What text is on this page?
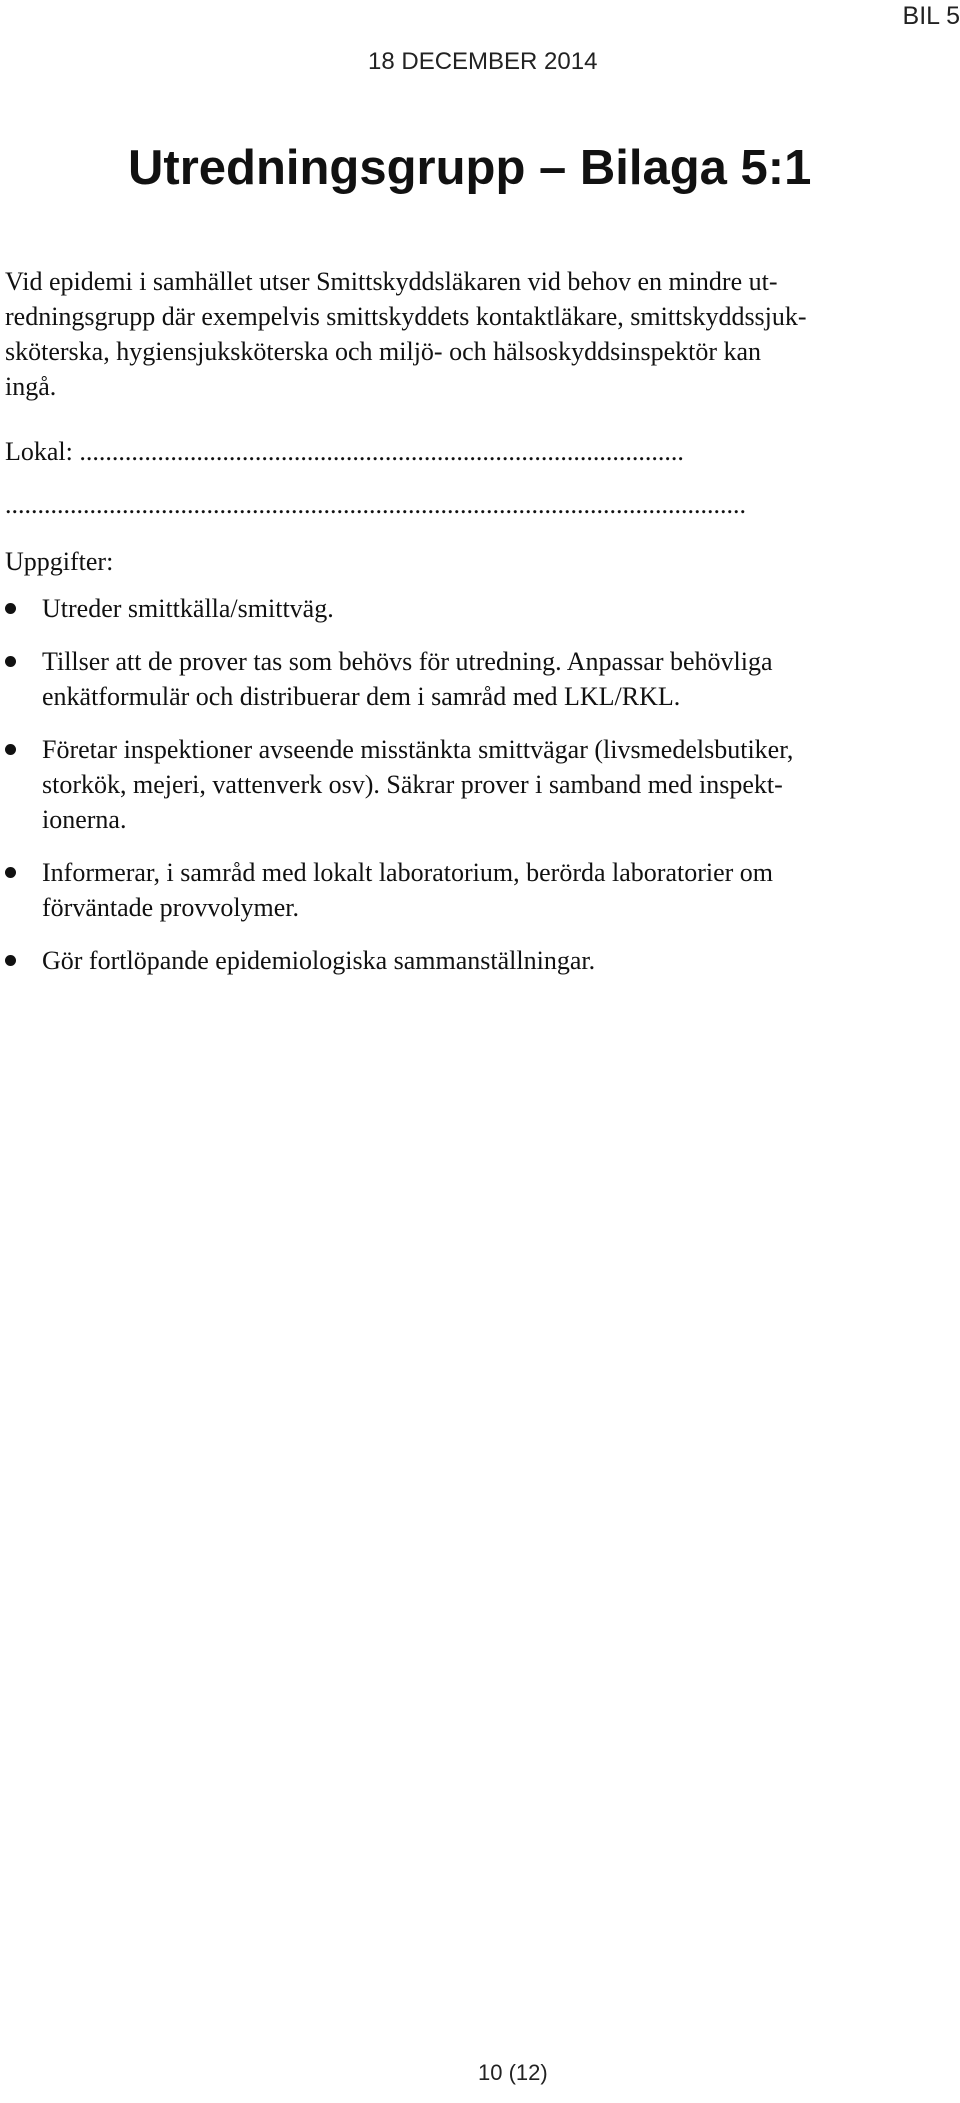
BIL 5
18 DECEMBER 2014
Utredningsgrupp – Bilaga 5:1

Vid epidemi i samhället utser Smittskyddsläkaren vid behov en mindre ut-
redningsgrupp där exempelvis smittskyddets kontaktläkare, smittskyddssjuk-
sköterska, hygiensjuksköterska och miljö- och hälsoskyddsinspektör kan
ingå.

Lokal: .............................................................................................

..................................................................................................................

Uppgifter:

Utreder smittkälla/smittväg.
Tillser att de prover tas som behövs för utredning. Anpassar behövliga
enkätformulär och distribuerar dem i samråd med LKL/RKL.
Företar inspektioner avseende misstänkta smittvägar (livsmedelsbutiker,
storkök, mejeri, vattenverk osv). Säkrar prover i samband med inspekt-
ionerna.
Informerar, i samråd med lokalt laboratorium, berörda laboratorier om
förväntade provvolymer.
Gör fortlöpande epidemiologiska sammanställningar.
10 (12)
